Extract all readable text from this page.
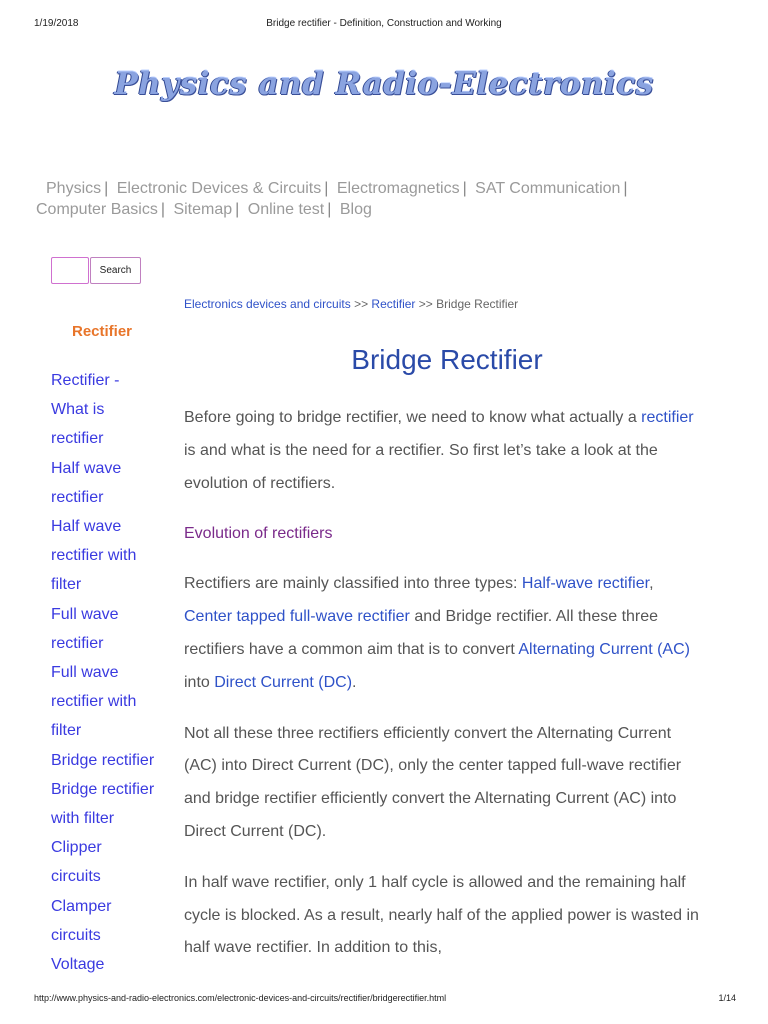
1/19/2018	Bridge rectifier - Definition, Construction and Working
Physics and Radio-Electronics
Physics | Electronic Devices & Circuits | Electromagnetics | SAT Communication |
Computer Basics | Sitemap | Online test | Blog
Search
Rectifier
Rectifier -
What is
rectifier
Half wave
rectifier
Half wave
rectifier with
filter
Full wave
rectifier
Full wave
rectifier with
filter
Bridge rectifier
Bridge rectifier
with filter
Clipper
circuits
Clamper
circuits
Voltage
Electronics devices and circuits >> Rectifier >> Bridge Rectifier
Bridge Rectifier

Before going to bridge rectifier, we need to know what actually a rectifier is and what is the need for a rectifier. So first let’s take a look at the evolution of rectifiers.

Evolution of rectifiers

Rectifiers are mainly classified into three types: Half-wave rectifier, Center tapped full-wave rectifier and Bridge rectifier. All these three rectifiers have a common aim that is to convert Alternating Current (AC) into Direct Current (DC).

Not all these three rectifiers efficiently convert the Alternating Current (AC) into Direct Current (DC), only the center tapped full-wave rectifier and bridge rectifier efficiently convert the Alternating Current (AC) into Direct Current (DC).

In half wave rectifier, only 1 half cycle is allowed and the remaining half cycle is blocked. As a result, nearly half of the applied power is wasted in half wave rectifier. In addition to this,

http://www.physics-and-radio-electronics.com/electronic-devices-and-circuits/rectifier/bridgerectifier.html	1/14
